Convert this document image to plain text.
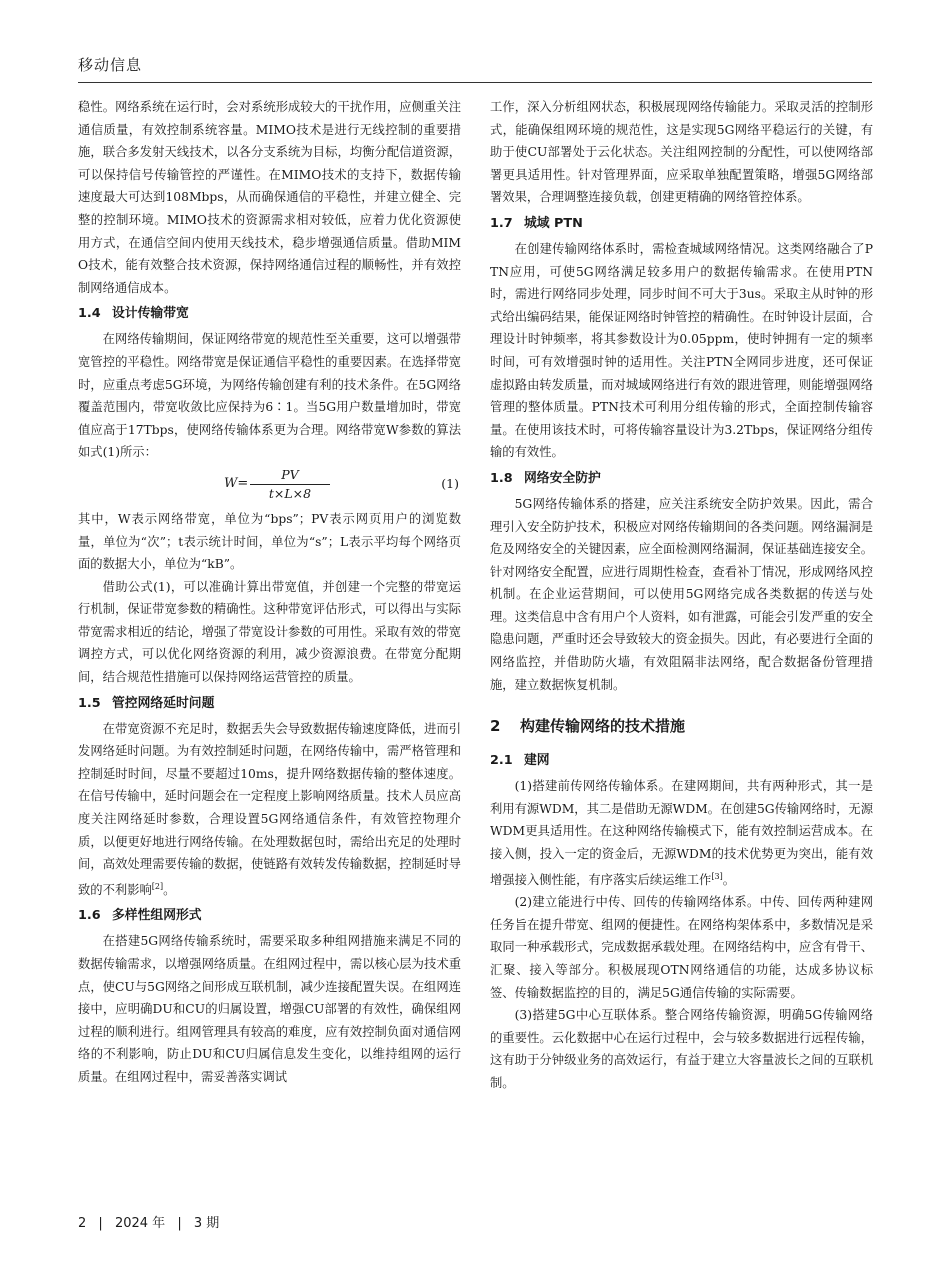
移动信息

稳性。网络系统在运行时，会对系统形成较大的干扰作用，应侧重关注通信质量，有效控制系统容量。MIMO技术是进行无线控制的重要措施，联合多发射天线技术，以各分支系统为目标，均衡分配信道资源，可以保持信号传输管控的严谨性。在MIMO技术的支持下，数据传输速度最大可达到108Mbps，从而确保通信的平稳性，并建立健全、完整的控制环境。MIMO技术的资源需求相对较低，应着力优化资源使用方式，在通信空间内使用天线技术，稳步增强通信质量。借助MIMO技术，能有效整合技术资源，保持网络通信过程的顺畅性，并有效控制网络通信成本。

1.4 设计传输带宽

在网络传输期间，保证网络带宽的规范性至关重要，这可以增强带宽管控的平稳性。网络带宽是保证通信平稳性的重要因素。在选择带宽时，应重点考虑5G环境，为网络传输创建有利的技术条件。在5G网络覆盖范围内，带宽收敛比应保持为6∶1。当5G用户数量增加时，带宽值应高于17Tbps，使网络传输体系更为合理。网络带宽W参数的算法如式(1)所示：

$W= \frac{PV}{t\times L\times 8}$	(1)

其中，W表示网络带宽，单位为“bps”；PV表示网页用户的浏览数量，单位为“次”；t表示统计时间，单位为“s”；L表示平均每个网络页面的数据大小，单位为“kB”。

借助公式(1)，可以准确计算出带宽值，并创建一个完整的带宽运行机制，保证带宽参数的精确性。这种带宽评估形式，可以得出与实际带宽需求相近的结论，增强了带宽设计参数的可用性。采取有效的带宽调控方式，可以优化网络资源的利用，减少资源浪费。在带宽分配期间，结合规范性措施可以保持网络运营管控的质量。

1.5 管控网络延时问题

在带宽资源不充足时，数据丢失会导致数据传输速度降低，进而引发网络延时问题。为有效控制延时问题，在网络传输中，需严格管理和控制延时时间，尽量不要超过10ms，提升网络数据传输的整体速度。在信号传输中，延时问题会在一定程度上影响网络质量。技术人员应高度关注网络延时参数，合理设置5G网络通信条件，有效管控物理介质，以便更好地进行网络传输。在处理数据包时，需给出充足的处理时间，高效处理需要传输的数据，使链路有效转发传输数据，控制延时导致的不利影响[2]。

1.6 多样性组网形式

在搭建5G网络传输系统时，需要采取多种组网措施来满足不同的数据传输需求，以增强网络质量。在组网过程中，需以核心层为技术重点，使CU与5G网络之间形成互联机制，减少连接配置失误。在组网连接中，应明确DU和CU的归属设置，增强CU部署的有效性，确保组网过程的顺利进行。组网管理具有较高的难度，应有效控制负面对通信网络的不利影响，防止DU和CU归属信息发生变化，以维持组网的运行质量。在组网过程中，需妥善落实调试

工作，深入分析组网状态，积极展现网络传输能力。采取灵活的控制形式，能确保组网环境的规范性，这是实现5G网络平稳运行的关键，有助于使CU部署处于云化状态。关注组网控制的分配性，可以使网络部署更具适用性。针对管理界面，应采取单独配置策略，增强5G网络部署效果，合理调整连接负载，创建更精确的网络管控体系。

1.7 城域 PTN

在创建传输网络体系时，需检查城域网络情况。这类网络融合了PTN应用，可使5G网络满足较多用户的数据传输需求。在使用PTN时，需进行网络同步处理，同步时间不可大于3us。采取主从时钟的形式给出编码结果，能保证网络时钟管控的精确性。在时钟设计层面，合理设计时钟频率，将其参数设计为0.05ppm，使时钟拥有一定的频率时间，可有效增强时钟的适用性。关注PTN全网同步进度，还可保证虚拟路由转发质量，而对城域网络进行有效的跟进管理，则能增强网络管理的整体质量。PTN技术可利用分组传输的形式，全面控制传输容量。在使用该技术时，可将传输容量设计为3.2Tbps，保证网络分组传输的有效性。

1.8 网络安全防护

5G网络传输体系的搭建，应关注系统安全防护效果。因此，需合理引入安全防护技术，积极应对网络传输期间的各类问题。网络漏洞是危及网络安全的关键因素，应全面检测网络漏洞，保证基础连接安全。针对网络安全配置，应进行周期性检查，查看补丁情况，形成网络风控机制。在企业运营期间，可以使用5G网络完成各类数据的传送与处理。这类信息中含有用户个人资料，如有泄露，可能会引发严重的安全隐患问题，严重时还会导致较大的资金损失。因此，有必要进行全面的网络监控，并借助防火墙，有效阻隔非法网络，配合数据备份管理措施，建立数据恢复机制。

2 构建传输网络的技术措施
2.1 建网

(1)搭建前传网络传输体系。在建网期间，共有两种形式，其一是利用有源WDM，其二是借助无源WDM。在创建5G传输网络时，无源WDM更具适用性。在这种网络传输模式下，能有效控制运营成本。在接入侧，投入一定的资金后，无源WDM的技术优势更为突出，能有效增强接入侧性能，有序落实后续运维工作[3]。

(2)建立能进行中传、回传的传输网络体系。中传、回传两种建网任务旨在提升带宽、组网的便捷性。在网络构架体系中，多数情况是采取同一种承载形式，完成数据承载处理。在网络结构中，应含有骨干、汇聚、接入等部分。积极展现OTN网络通信的功能，达成多协议标签、传输数据监控的目的，满足5G通信传输的实际需要。

(3)搭建5G中心互联体系。整合网络传输资源，明确5G传输网络的重要性。云化数据中心在运行过程中，会与较多数据进行远程传输，这有助于分钟级业务的高效运行，有益于建立大容量波长之间的互联机制。

2 | 2024 年 | 3 期
